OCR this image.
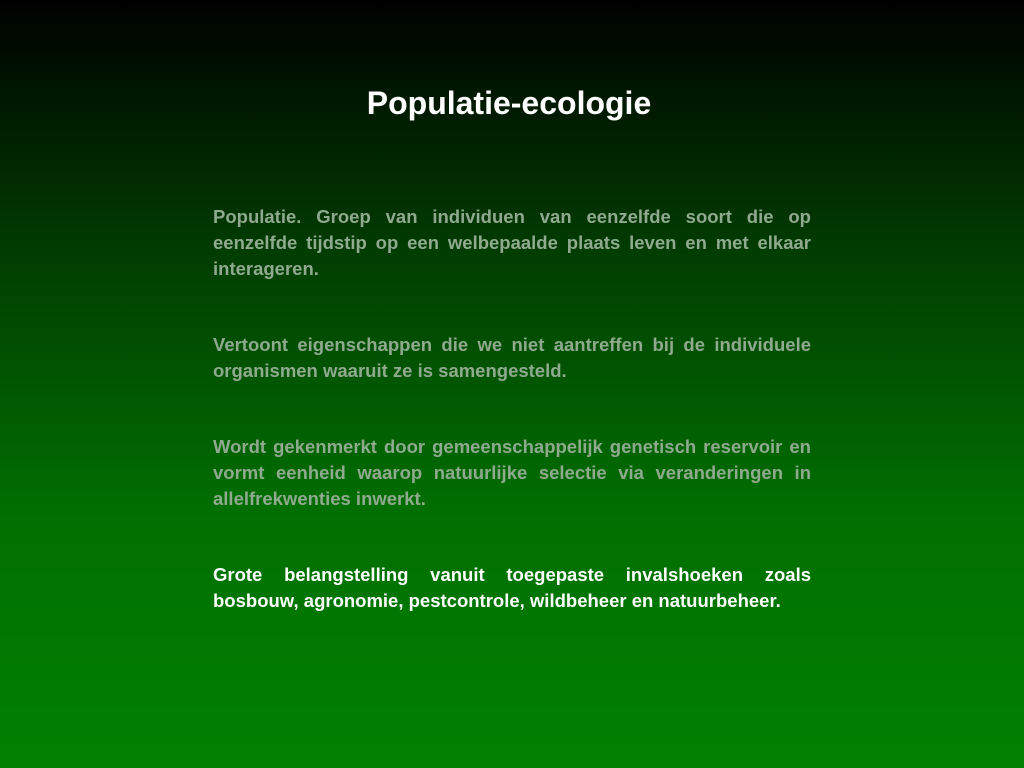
Populatie-ecologie

Populatie. Groep van individuen van eenzelfde soort die op eenzelfde tijdstip op een welbepaalde plaats leven en met elkaar interageren.

Vertoont eigenschappen die we niet aantreffen bij de individuele organismen waaruit ze is samengesteld.

Wordt gekenmerkt door gemeenschappelijk genetisch reservoir en vormt eenheid waarop natuurlijke selectie via veranderingen in allelfrekwenties inwerkt.

Grote belangstelling vanuit toegepaste invalshoeken zoals bosbouw, agronomie, pestcontrole, wildbeheer en natuurbeheer.
